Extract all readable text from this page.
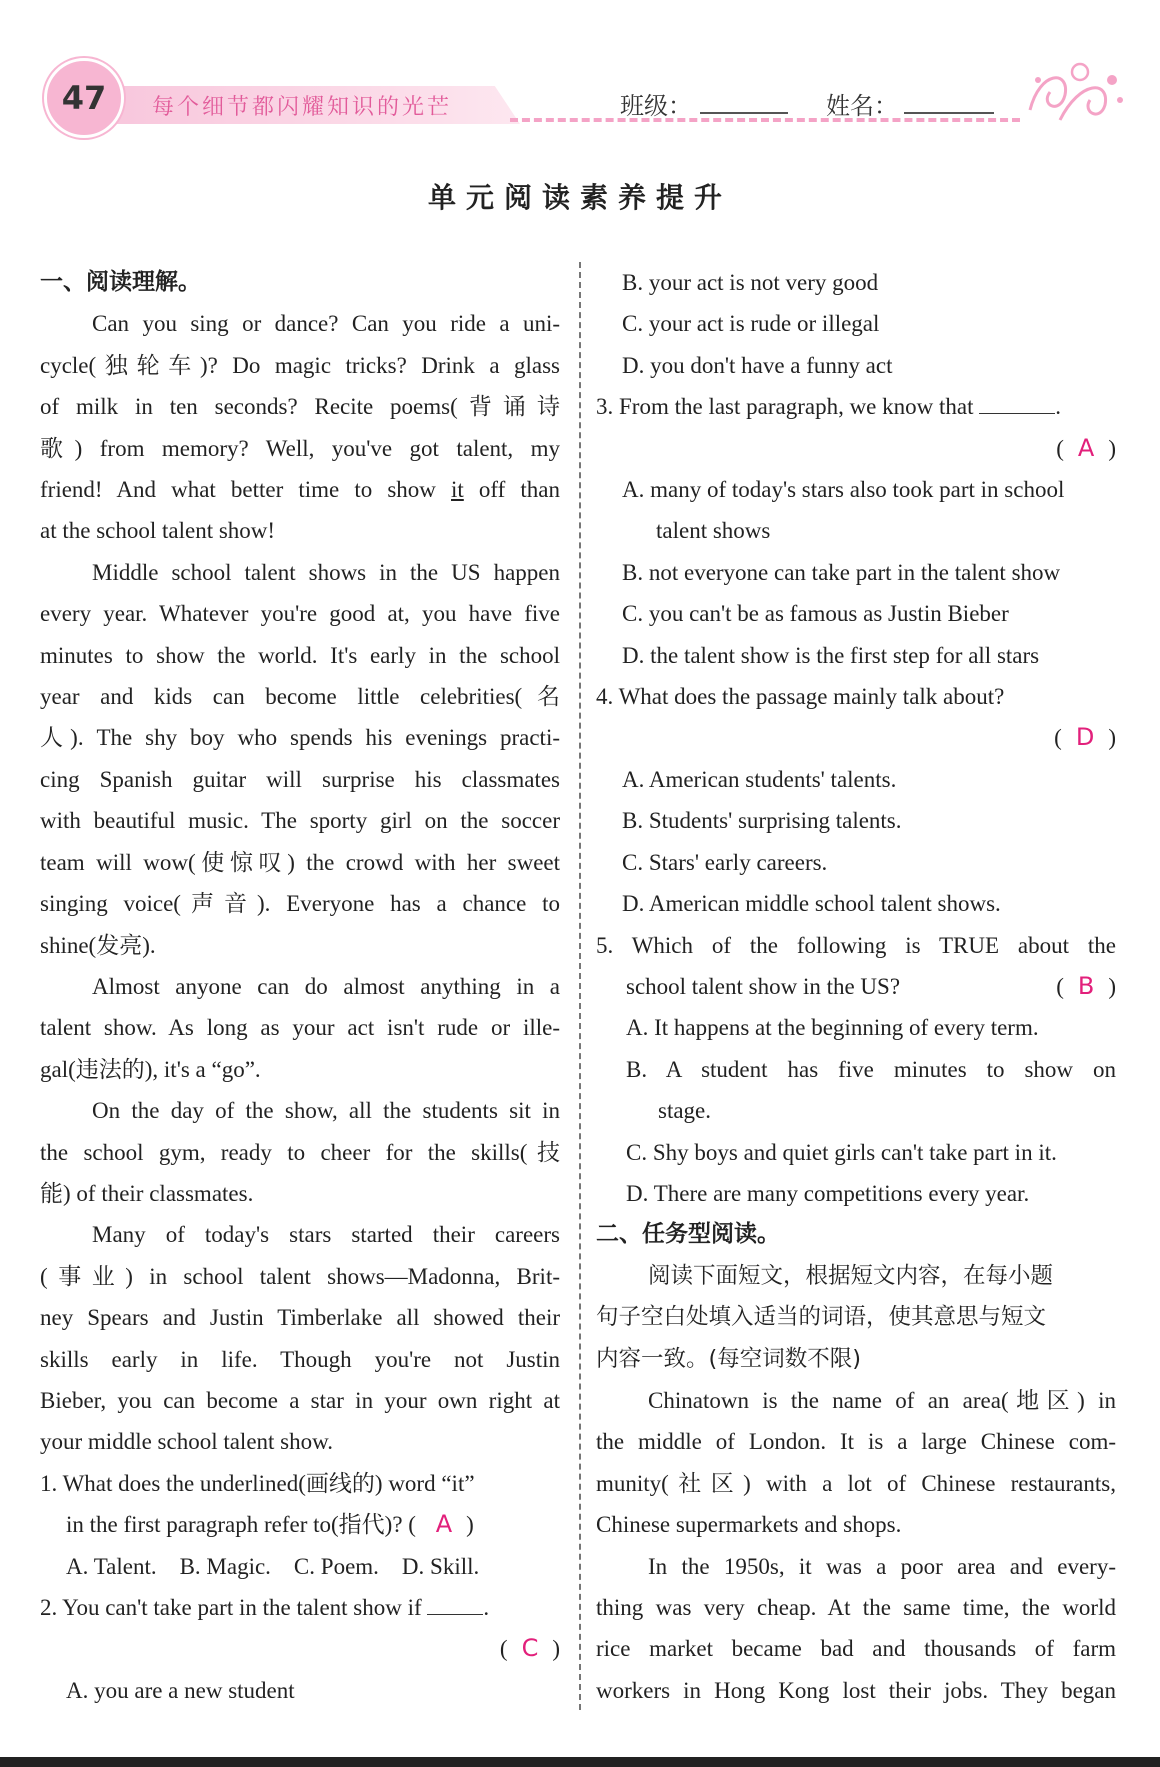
47	每个细节都闪耀知识的光芒	班级：	姓名：
单元阅读素养提升
一、阅读理解。
Can you sing or dance? Can you ride a uni-
cycle(独轮车)? Do magic tricks? Drink a glass
of milk in ten seconds? Recite poems(背诵诗
歌) from memory? Well, you've got talent, my
friend! And what better time to show it off than
at the school talent show!
Middle school talent shows in the US happen
every year. Whatever you're good at, you have five
minutes to show the world. It's early in the school
year and kids can become little celebrities(名
人). The shy boy who spends his evenings practi-
cing Spanish guitar will surprise his classmates
with beautiful music. The sporty girl on the soccer
team will wow(使惊叹) the crowd with her sweet
singing voice(声音). Everyone has a chance to
shine(发亮).
Almost anyone can do almost anything in a
talent show. As long as your act isn't rude or ille-
gal(违法的), it's a “go”.
On the day of the show, all the students sit in
the school gym, ready to cheer for the skills(技
能) of their classmates.
Many of today's stars started their careers
(事业) in school talent shows—Madonna, Brit-
ney Spears and Justin Timberlake all showed their
skills early in life. Though you're not Justin
Bieber, you can become a star in your own right at
your middle school talent show.
1. What does the underlined(画线的) word “it”
in the first paragraph refer to(指代)? ( A )
A. Talent.    B. Magic.    C. Poem.    D. Skill.
2. You can't take part in the talent show if	.
( C )
A. you are a new student
B. your act is not very good
C. your act is rude or illegal
D. you don't have a funny act
3. From the last paragraph, we know that	.
( A )
A. many of today's stars also took part in school
talent shows
B. not everyone can take part in the talent show
C. you can't be as famous as Justin Bieber
D. the talent show is the first step for all stars
4. What does the passage mainly talk about?
( D )
A. American students' talents.
B. Students' surprising talents.
C. Stars' early careers.
D. American middle school talent shows.
5. Which of the following is TRUE about the
school talent show in the US?	( B )
A. It happens at the beginning of every term.
B. A student has five minutes to show on
stage.
C. Shy boys and quiet girls can't take part in it.
D. There are many competitions every year.
二、任务型阅读。
阅读下面短文，根据短文内容，在每小题
句子空白处填入适当的词语，使其意思与短文
内容一致。(每空词数不限)
Chinatown is the name of an area(地区) in
the middle of London. It is a large Chinese com-
munity(社区) with a lot of Chinese restaurants,
Chinese supermarkets and shops.
In the 1950s, it was a poor area and every-
thing was very cheap. At the same time, the world
rice market became bad and thousands of farm
workers in Hong Kong lost their jobs. They began
